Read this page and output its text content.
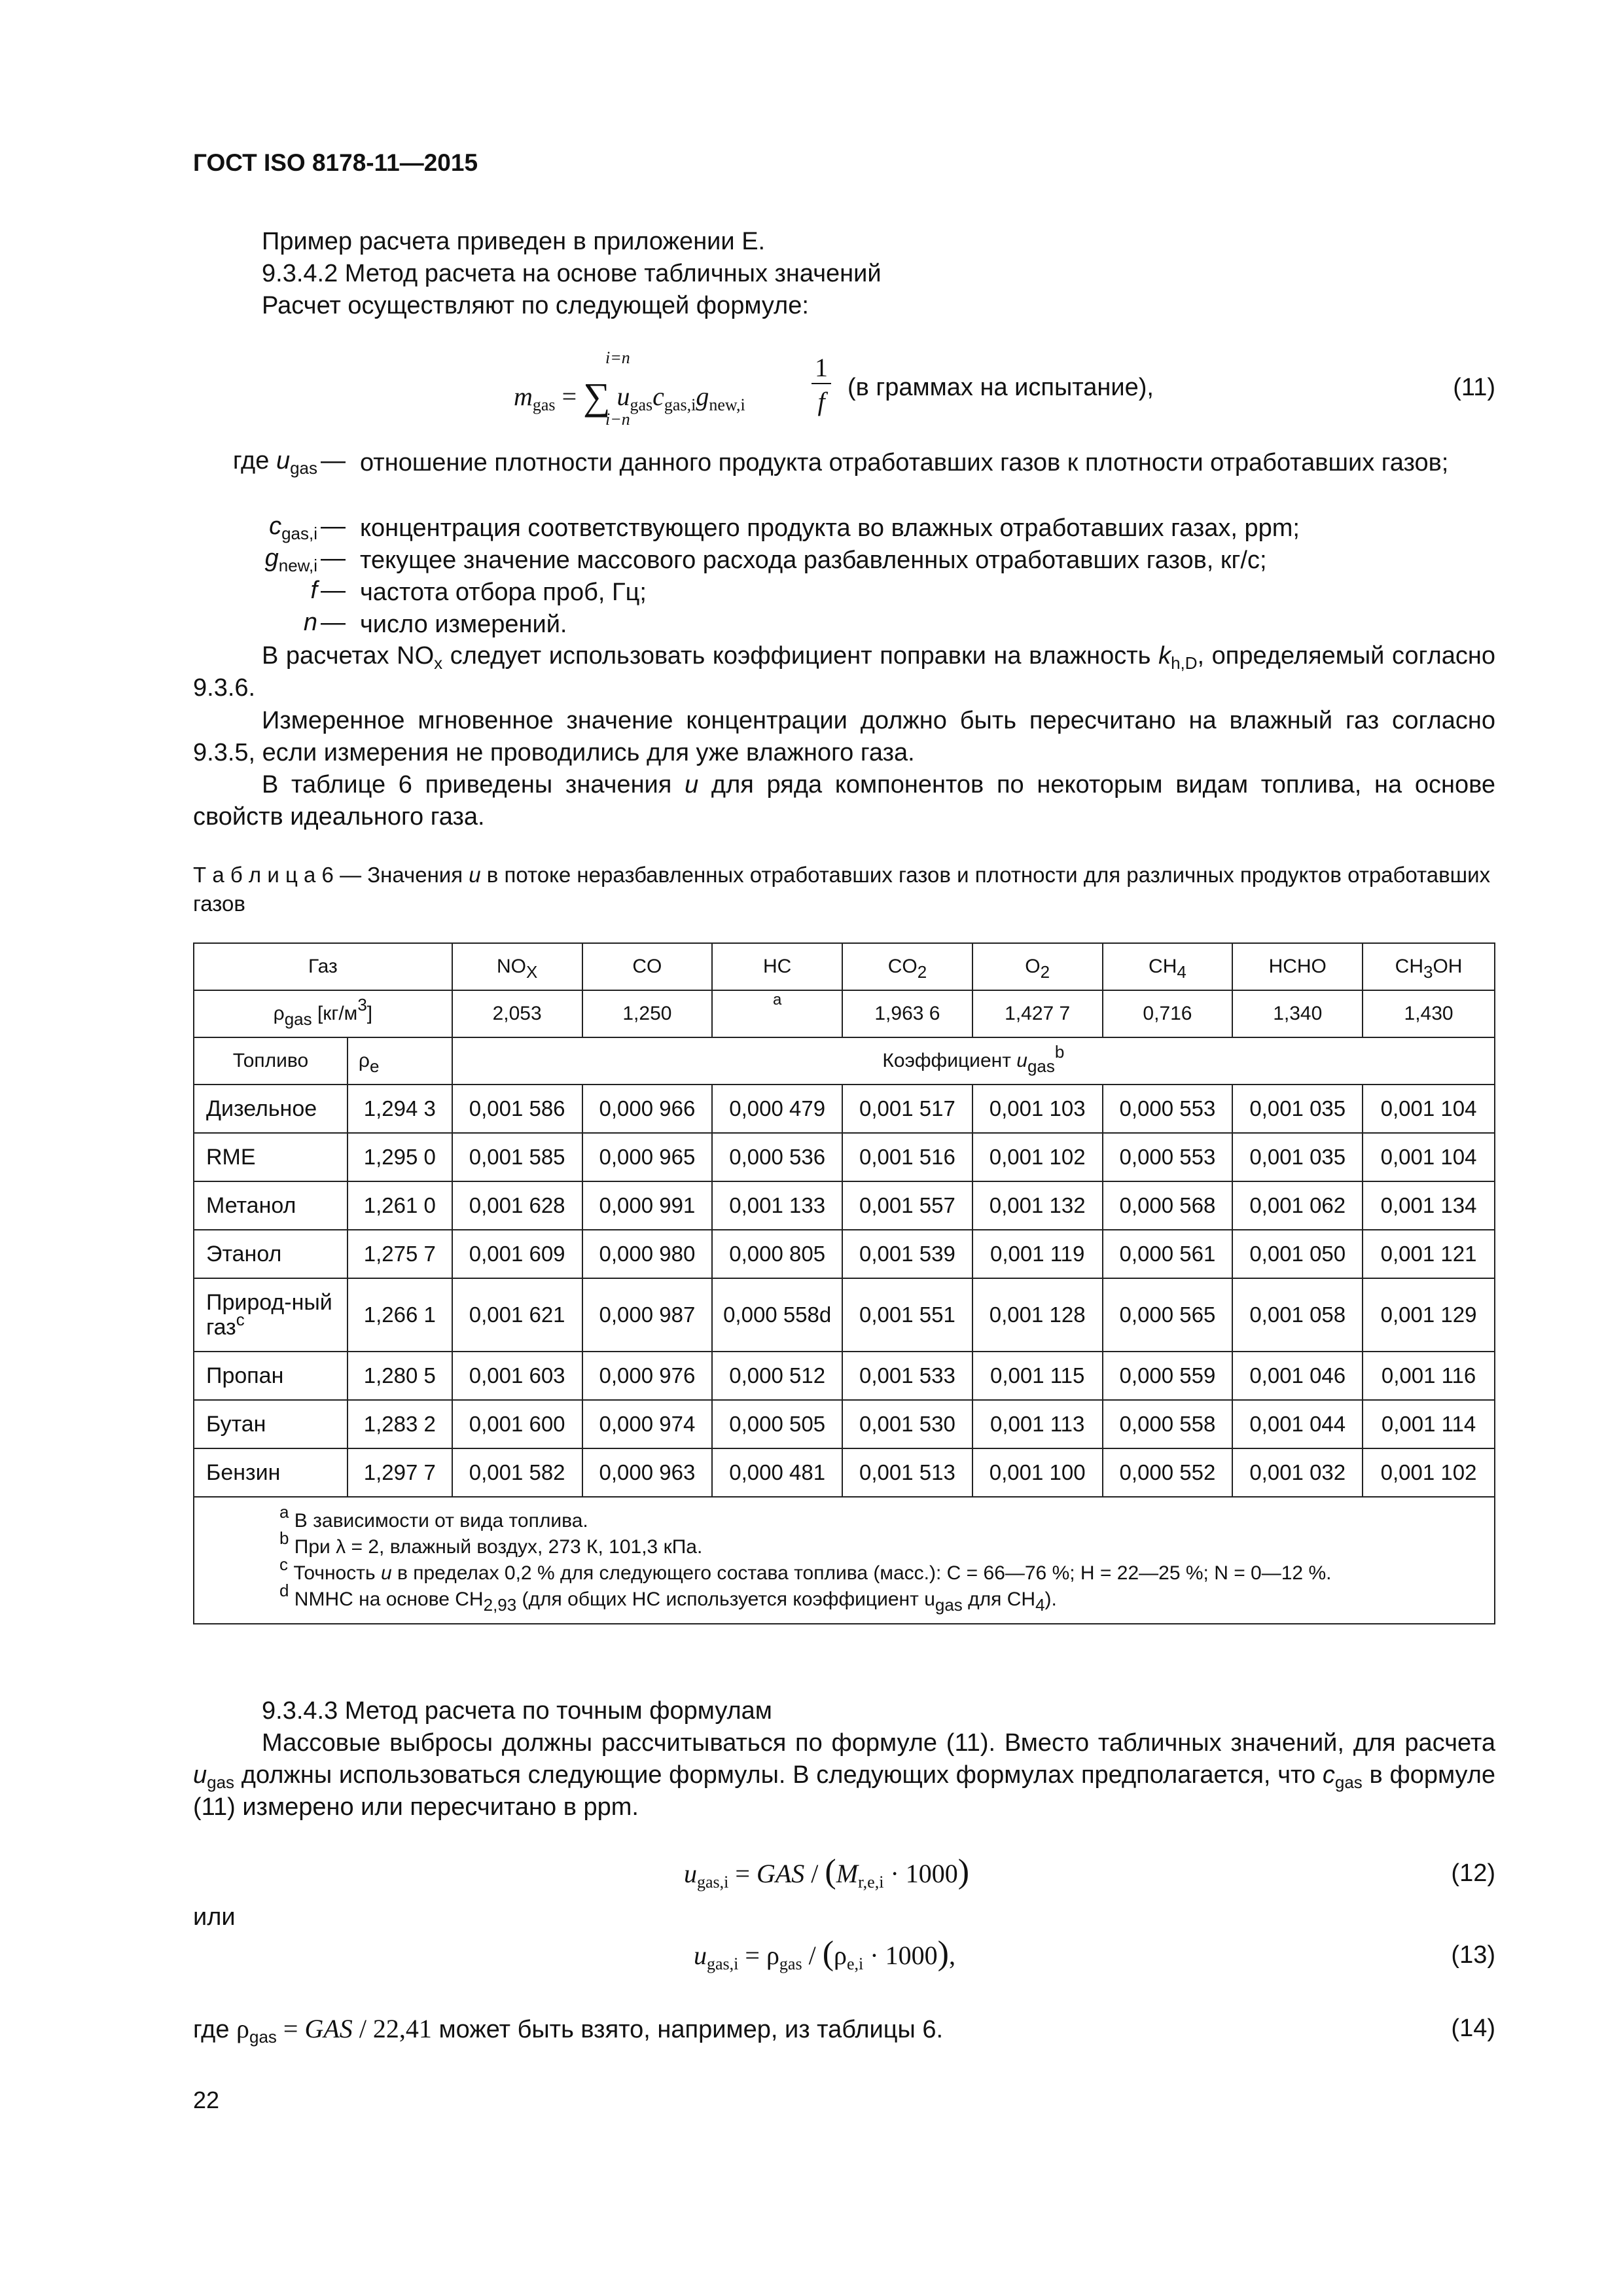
ГОСТ ISO 8178-11—2015
Пример расчета приведен в приложении Е.
9.3.4.2 Метод расчета на основе табличных значений
Расчет осуществляют по следующей формуле:
i=n
$m_{gas}$ = ∑ $u_{gas}c_{gas,i}g_{new,i}$
1
f (в граммах на испытание),	(11)
i−n
где $u_{gas}$ — отношение плотности данного продукта отработавших газов к плотности отработавших газов;
$c_{gas,i}$ — концентрация соответствующего продукта во влажных отработавших газах, ppm;
$g_{new,i}$ — текущее значение массового расхода разбавленных отработавших газов, кг/с;
f — частота отбора проб, Гц;
n — число измерений.
В расчетах $NO_x$ следует использовать коэффициент поправки на влажность $k_{h,D}$, определяемый согласно 9.3.6.
Измеренное мгновенное значение концентрации должно быть пересчитано на влажный газ согласно 9.3.5, если измерения не проводились для уже влажного газа.
В таблице 6 приведены значения u для ряда компонентов по некоторым видам топлива, на основе свойств идеального газа.
Т а б л и ц а 6 — Значения u в потоке неразбавленных отработавших газов и плотности для различных продуктов отработавших газов
Газ		$NO_X$	CO	HC	$CO_2$	$O_2$	$CH_4$	HCHO	$CH_3OH$
$\rho_{gas}$ $[кг/м^3]$		2,053	1,250	a	1,963 6	1,427 7	0,716	1,340	1,430
Топливо	$\rho_e$	Коэффициент $u_{gas}^b$
Дизельное	1,294 3	0,001 586	0,000 966	0,000 479	0,001 517	0,001 103	0,000 553	0,001 035	0,001 104
RME	1,295 0	0,001 585	0,000 965	0,000 536	0,001 516	0,001 102	0,000 553	0,001 035	0,001 104
Метанол	1,261 0	0,001 628	0,000 991	0,001 133	0,001 557	0,001 132	0,000 568	0,001 062	0,001 134
Этанол	1,275 7	0,001 609	0,000 980	0,000 805	0,001 539	0,001 119	0,000 561	0,001 050	0,001 121
Природ-ный газ$^c$	1,266 1	0,001 621	0,000 987	0,000 558d	0,001 551	0,001 128	0,000 565	0,001 058	0,001 129
Пропан	1,280 5	0,001 603	0,000 976	0,000 512	0,001 533	0,001 115	0,000 559	0,001 046	0,001 116
Бутан	1,283 2	0,001 600	0,000 974	0,000 505	0,001 530	0,001 113	0,000 558	0,001 044	0,001 114
Бензин	1,297 7	0,001 582	0,000 963	0,000 481	0,001 513	0,001 100	0,000 552	0,001 032	0,001 102

$^a$ В зависимости от вида топлива.
$^b$ При λ = 2, влажный воздух, 273 К, 101,3 кПа.
$^c$ Точность u в пределах 0,2 % для следующего состава топлива (масс.): С = 66—76 %; Н = 22—25 %; N = 0—12 %.
$^d$ NMHC на основе $CH_{2,93}$ (для общих НС используется коэффициент $u_{gas}$ для $CH_4$).									
9.3.4.3 Метод расчета по точным формулам
Массовые выбросы должны рассчитываться по формуле (11). Вместо табличных значений, для расчета $u_{gas}$ должны использоваться следующие формулы. В следующих формулах предполагается, что $c_{gas}$ в формуле (11) измерено или пересчитано в ppm.
$u_{gas,i}$ = GAS / $(M_{r,e,i} \cdot 1000)$	(12)
или
$u_{gas,i} = \rho_{gas} / (\rho_{e,i} \cdot 1000)$,	(13)
где $\rho_{gas}$ = GAS / 22,41 может быть взято, например, из таблицы 6.	(14)
22
